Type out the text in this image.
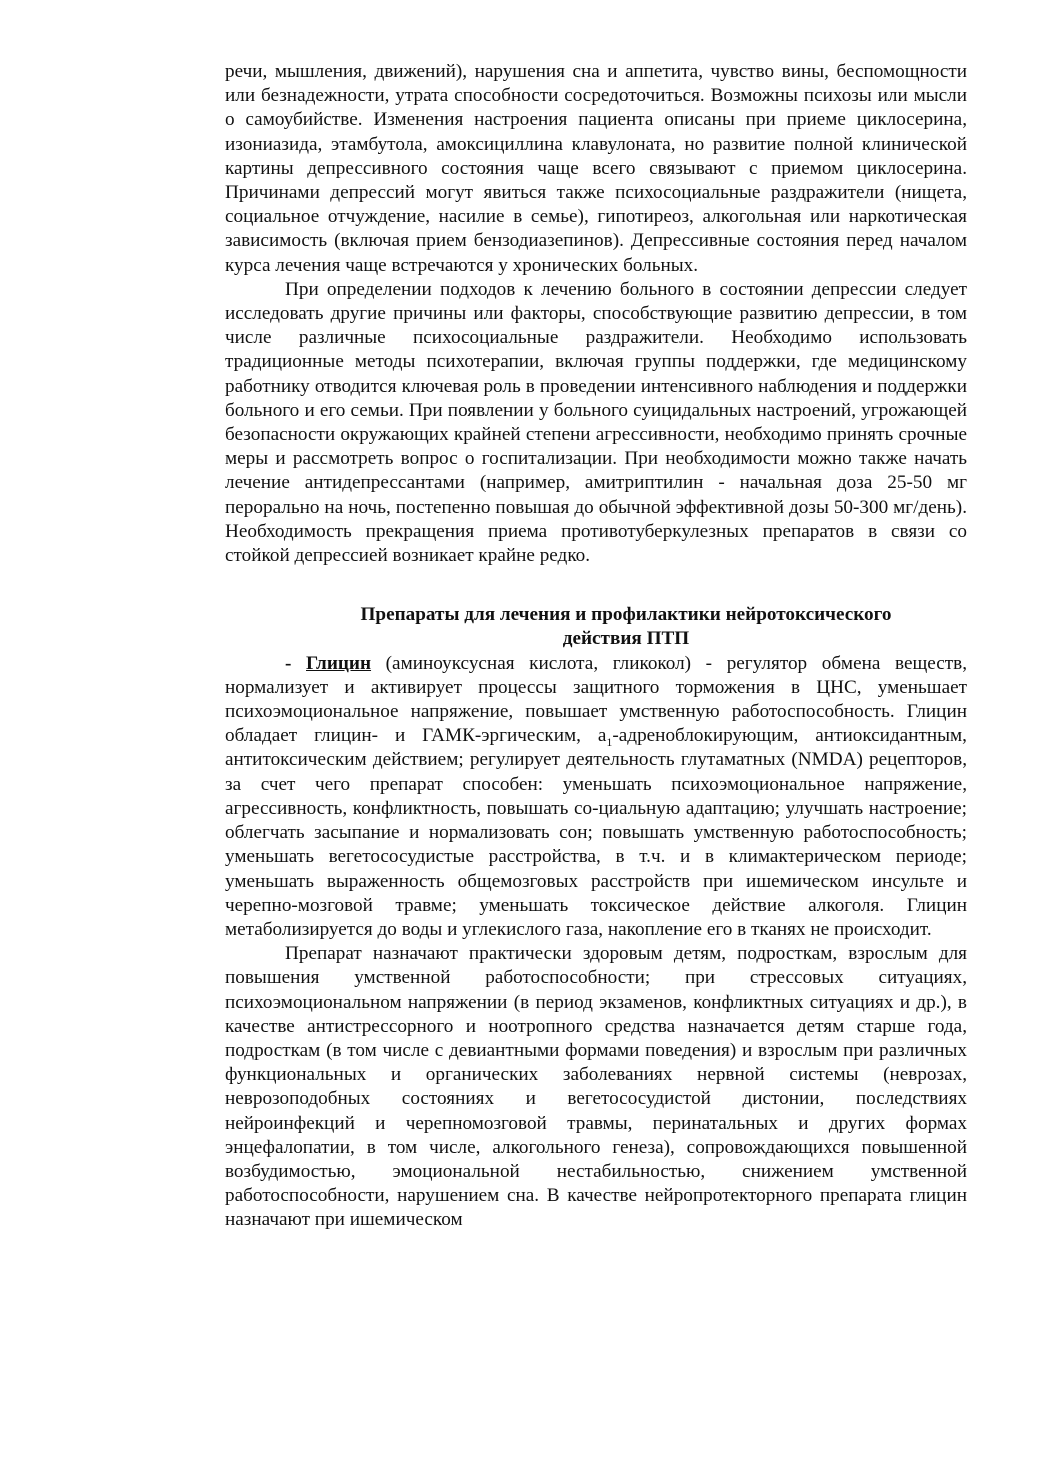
речи, мышления, движений), нарушения сна и аппетита, чувство вины, беспомощности или безнадежности, утрата способности сосредоточиться. Возможны психозы или мысли о самоубийстве. Изменения настроения пациента описаны при приеме циклосерина, изониазида, этамбутола, амоксициллина клавулоната, но развитие полной клинической картины депрессивного состояния чаще всего связывают с приемом циклосерина. Причинами депрессий могут явиться также психосоциальные раздражители (нищета, социальное отчуждение, насилие в семье), гипотиреоз, алкогольная или наркотическая зависимость (включая прием бензодиазепинов). Депрессивные состояния перед началом курса лечения чаще встречаются у хронических больных.

При определении подходов к лечению больного в состоянии депрессии следует исследовать другие причины или факторы, способствующие развитию депрессии, в том числе различные психосоциальные раздражители. Необходимо использовать традиционные методы психотерапии, включая группы поддержки, где медицинскому работнику отводится ключевая роль в проведении интенсивного наблюдения и поддержки больного и его семьи. При появлении у больного суицидальных настроений, угрожающей безопасности окружающих крайней степени агрессивности, необходимо принять срочные меры и рассмотреть вопрос о госпитализации. При необходимости можно также начать лечение антидепрессантами (например, амитриптилин - начальная доза 25-50 мг перорально на ночь, постепенно повышая до обычной эффективной дозы 50-300 мг/день). Необходимость прекращения приема противотуберкулезных препаратов в связи со стойкой депрессией возникает крайне редко.

Препараты для лечения и профилактики нейротоксического
действия ПТП

- Глицин (аминоуксусная кислота, гликокол) - регулятор обмена веществ, нормализует и активирует процессы защитного торможения в ЦНС, уменьшает психоэмоциональное напряжение, повышает умственную работоспособность. Глицин обладает глицин- и ГАМК-эргическим, $a_1$-адреноблокирующим, антиоксидантным, антитоксическим действием; регулирует деятельность глутаматных (NMDA) рецепторов, за счет чего препарат способен: уменьшать психоэмоциональное напряжение, агрессивность, конфликтность, повышать со-циальную адаптацию; улучшать настроение; облегчать засыпание и нормализовать сон; повышать умственную работоспособность; уменьшать вегетососудистые расстройства, в т.ч. и в климактерическом периоде; уменьшать выраженность общемозговых расстройств при ишемическом инсульте и черепно-мозговой травме; уменьшать токсическое действие алкоголя. Глицин метаболизируется до воды и углекислого газа, накопление его в тканях не происходит.

Препарат назначают практически здоровым детям, подросткам, взрослым для повышения умственной работоспособности; при стрессовых ситуациях, психоэмоциональном напряжении (в период экзаменов, конфликтных ситуациях и др.), в качестве антистрессорного и ноотропного средства назначается детям старше года, подросткам (в том числе с девиантными формами поведения) и взрослым при различных функциональных и органических заболеваниях нервной системы (неврозах, неврозоподобных состояниях и вегетососудистой дистонии, последствиях нейроинфекций и черепномозговой травмы, перинатальных и других формах энцефалопатии, в том числе, алкогольного генеза), сопровождающихся повышенной возбудимостью, эмоциональной нестабильностью, снижением умственной работоспособности, нарушением сна. В качестве нейропротекторного препарата глицин назначают при ишемическом
